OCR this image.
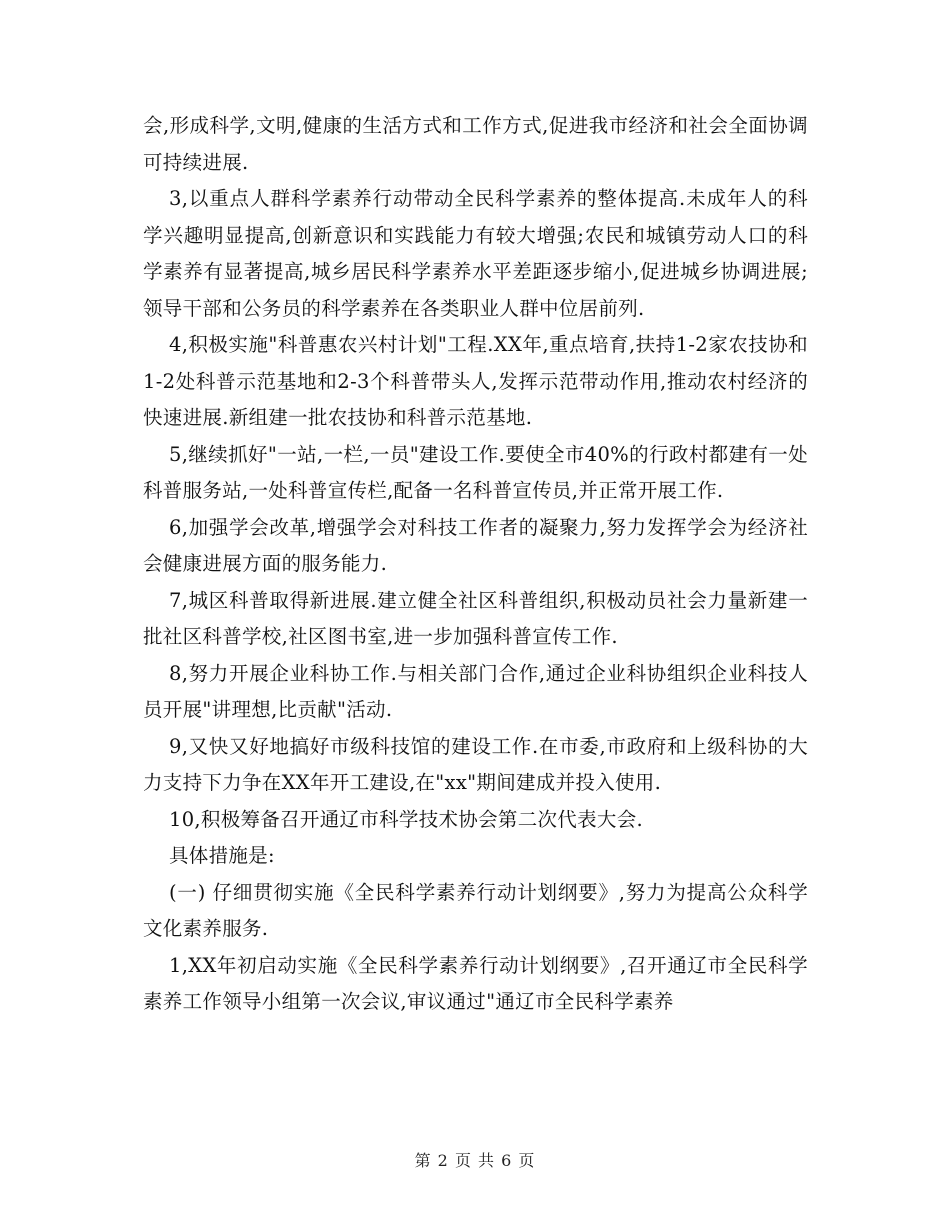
会,形成科学,文明,健康的生活方式和工作方式,促进我市经济和社会全面协调可持续进展.

3,以重点人群科学素养行动带动全民科学素养的整体提高.未成年人的科学兴趣明显提高,创新意识和实践能力有较大增强;农民和城镇劳动人口的科学素养有显著提高,城乡居民科学素养水平差距逐步缩小,促进城乡协调进展;领导干部和公务员的科学素养在各类职业人群中位居前列.

4,积极实施"科普惠农兴村计划"工程.XX年,重点培育,扶持1-2家农技协和1-2处科普示范基地和2-3个科普带头人,发挥示范带动作用,推动农村经济的快速进展.新组建一批农技协和科普示范基地.

5,继续抓好"一站,一栏,一员"建设工作.要使全市40%的行政村都建有一处科普服务站,一处科普宣传栏,配备一名科普宣传员,并正常开展工作.

6,加强学会改革,增强学会对科技工作者的凝聚力,努力发挥学会为经济社会健康进展方面的服务能力.

7,城区科普取得新进展.建立健全社区科普组织,积极动员社会力量新建一批社区科普学校,社区图书室,进一步加强科普宣传工作.

8,努力开展企业科协工作.与相关部门合作,通过企业科协组织企业科技人员开展"讲理想,比贡献"活动.

9,又快又好地搞好市级科技馆的建设工作.在市委,市政府和上级科协的大力支持下力争在XX年开工建设,在"xx"期间建成并投入使用.

10,积极筹备召开通辽市科学技术协会第二次代表大会.

具体措施是:

(一) 仔细贯彻实施《全民科学素养行动计划纲要》,努力为提高公众科学文化素养服务.

1,XX年初启动实施《全民科学素养行动计划纲要》,召开通辽市全民科学素养工作领导小组第一次会议,审议通过"通辽市全民科学素养

第 2 页 共 6 页
